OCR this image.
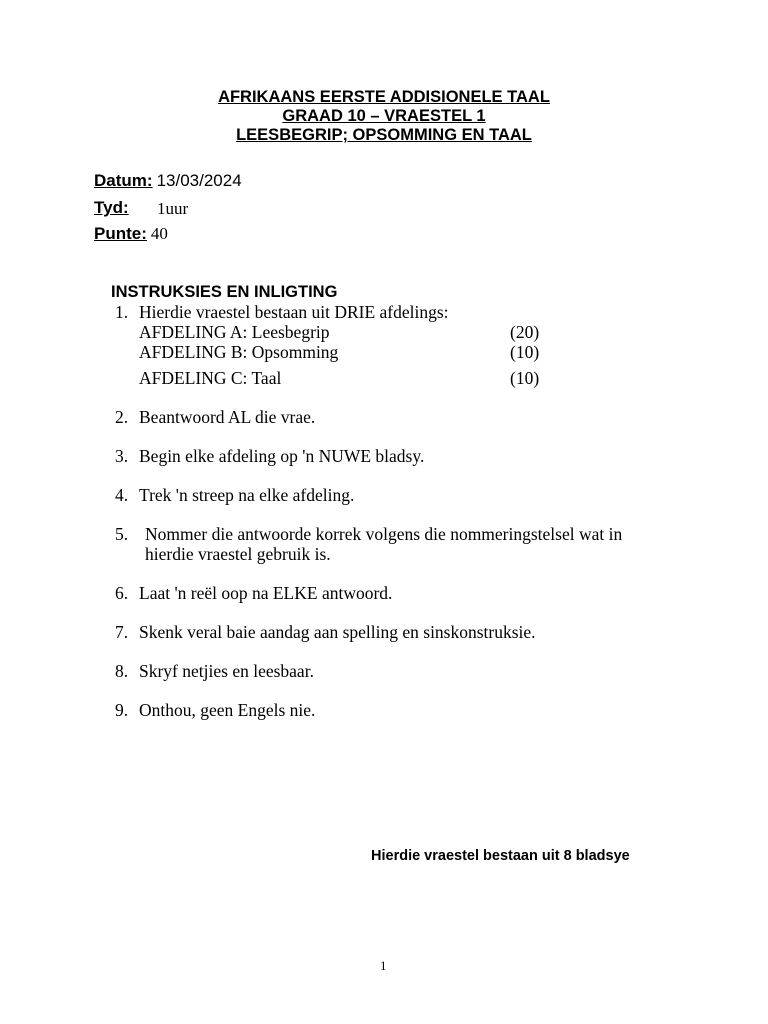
AFRIKAANS EERSTE ADDISIONELE TAAL
GRAAD 10 – VRAESTEL 1
LEESBEGRIP; OPSOMMING EN TAAL
Datum: 13/03/2024
Tyd: 1uur
Punte: 40
INSTRUKSIES EN INLIGTING
1. Hierdie vraestel bestaan uit DRIE afdelings:
AFDELING A: Leesbegrip	(20)
AFDELING B: Opsomming	(10)
AFDELING C: Taal	(10)
2. Beantwoord AL die vrae.
3. Begin elke afdeling op 'n NUWE bladsy.
4. Trek 'n streep na elke afdeling.
5. Nommer die antwoorde korrek volgens die nommeringstelsel wat in
hierdie vraestel gebruik is.
6. Laat 'n reël oop na ELKE antwoord.
7. Skenk veral baie aandag aan spelling en sinskonstruksie.
8. Skryf netjies en leesbaar.
9. Onthou, geen Engels nie.
Hierdie vraestel bestaan uit 8 bladsye
1
